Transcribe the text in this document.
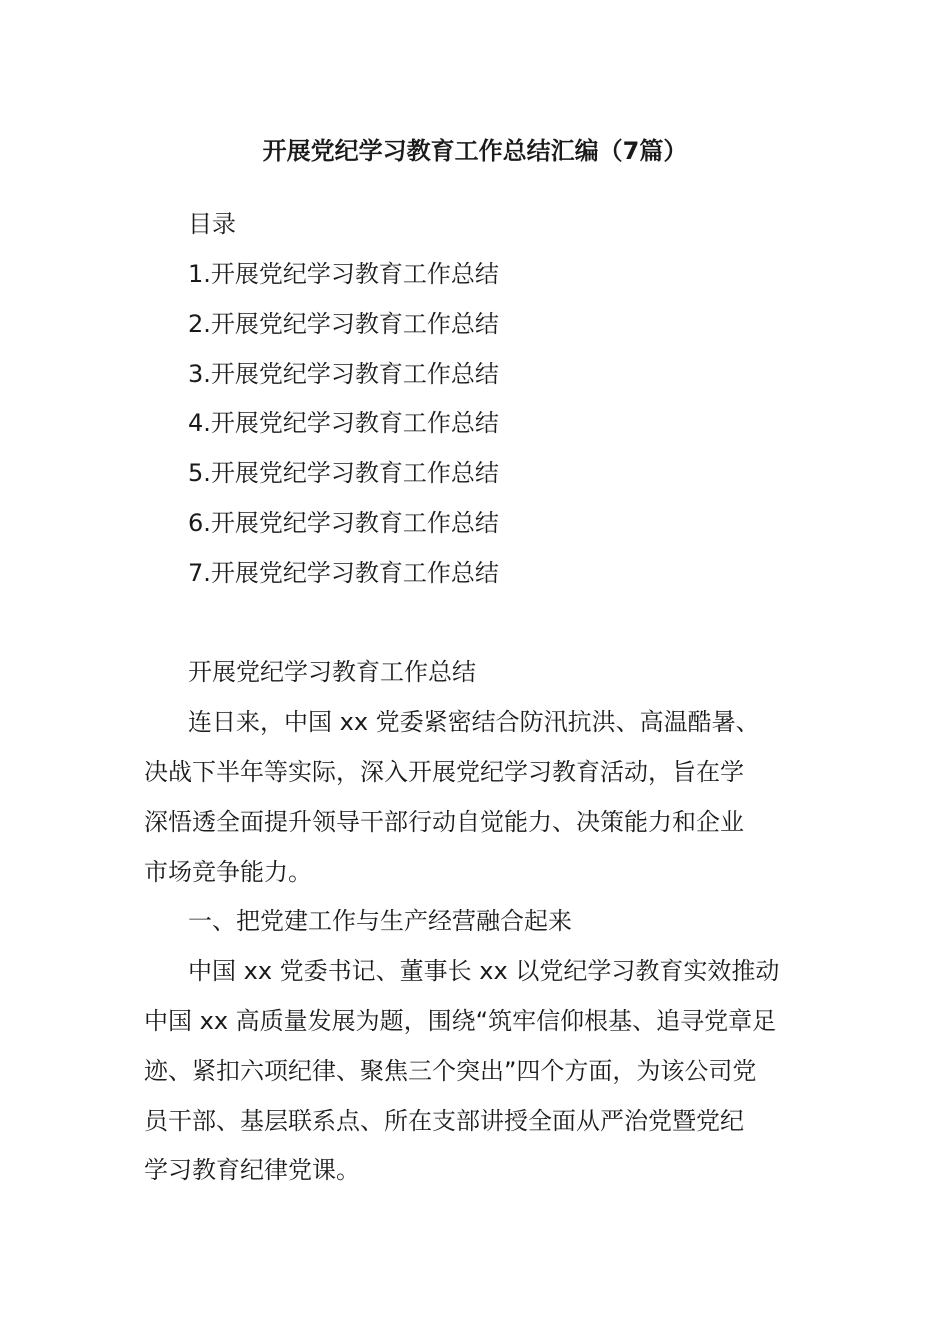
开展党纪学习教育工作总结汇编（7篇）

目录

1.开展党纪学习教育工作总结

2.开展党纪学习教育工作总结

3.开展党纪学习教育工作总结

4.开展党纪学习教育工作总结

5.开展党纪学习教育工作总结

6.开展党纪学习教育工作总结

7.开展党纪学习教育工作总结

开展党纪学习教育工作总结

连日来，中国 xx 党委紧密结合防汛抗洪、高温酷暑、

决战下半年等实际，深入开展党纪学习教育活动，旨在学

深悟透全面提升领导干部行动自觉能力、决策能力和企业

市场竞争能力。

一、把党建工作与生产经营融合起来

中国 xx 党委书记、董事长 xx 以党纪学习教育实效推动

中国 xx 高质量发展为题，围绕“筑牢信仰根基、追寻党章足

迹、紧扣六项纪律、聚焦三个突出”四个方面，为该公司党

员干部、基层联系点、所在支部讲授全面从严治党暨党纪

学习教育纪律党课。
